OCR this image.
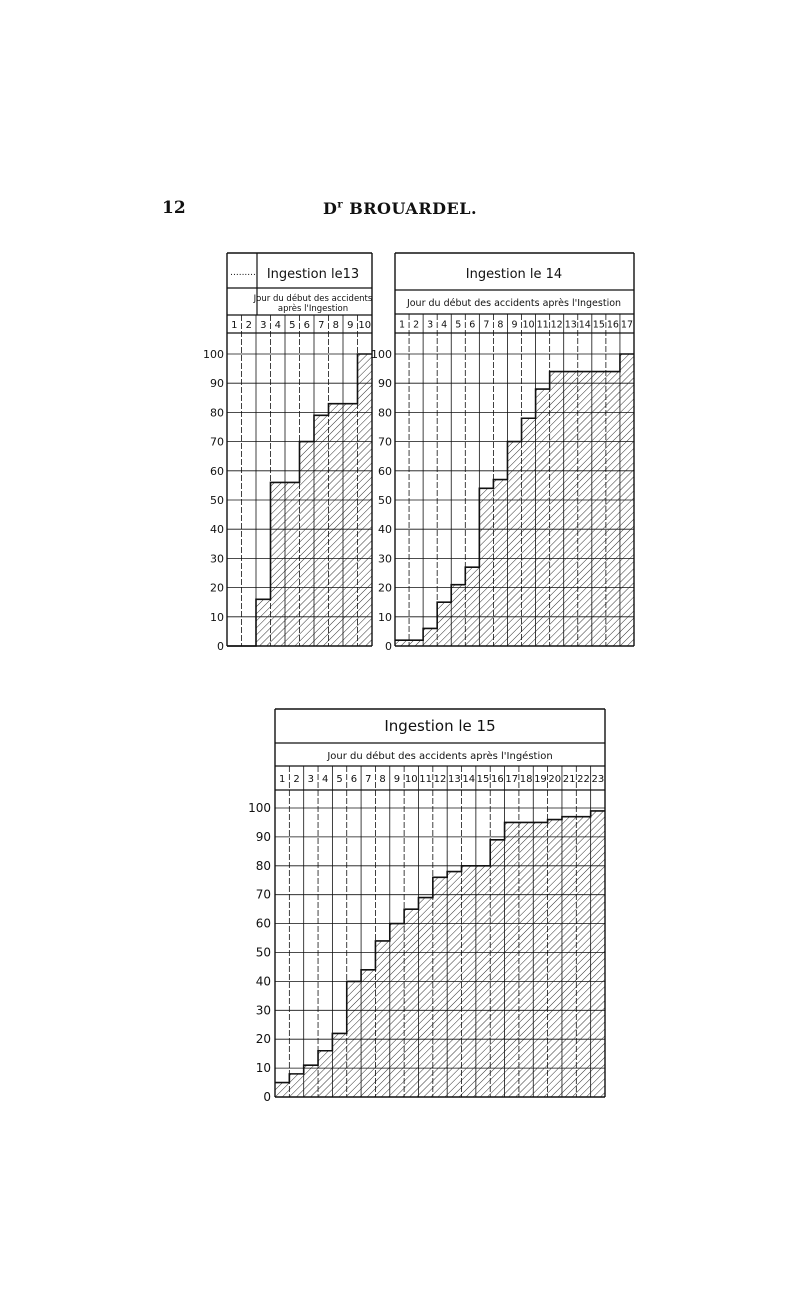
12	$D^r$ BROUARDEL.
Ingestion le13
.........
Jour du début des accidents
après l'Ingestion
Ingestion le 14
Jour du début des accidents après l'Ingestion
Ingestion le 15
Jour du début des accidents après l'Ingéstion
1 2 3 4 5 6 7 8 9 10
0
10
20
30
40
50
60
70
80
90
100
1 2 3 4 5 6 7 8 9 10 11 12 13 14 15 16 17
0
10
20
30
40
50
60
70
80
90
100
1 2 3 4 5 6 7 8 9 10 11 12 13 14 15 16 17 18 19 20 21 22 23
0
10
20
30
40
50
60
70
80
90
100
